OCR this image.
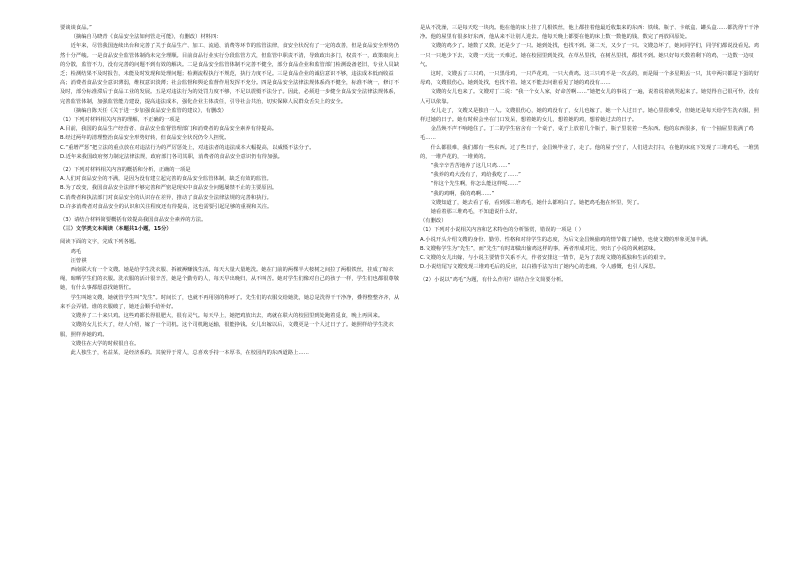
要谈谈食品。”

（摘编自马晓青《食品安全法如何管走可能》，有删改）材料四：

近年来，尽管我国连续出台和完善了关于食品生产、加工、流通、消费等环节的监管法律，食安全状况有了一定的改善，但是食品安全形势仍然十分严峻。一是食品安全监管体制尚未完全理顺。目前食品行业实行分段监管方式，但监管中职责不清，导致政出多门，权责不一，政策取向上的分散，监管不力，没有完善的问题不到有效的解决。二是食品安全监管体制不完善不健全，部分食品企业和监管部门检测设备老旧，专业人员缺乏；检测结果不及时报告，未能及时发现和处理问题；检测流程执行不规范，执行力度不足。三是食品企业的诚信意识不够，违法成本低而收益高；消费者食品安全意识薄弱，维权意识淡薄；社会监督和舆论监督作用发挥不充分。四是食品安全法律法规体系尚不健全，标准不统一，修订不及时，部分标准滞后于食品工业的发展。五是对违法行为的处罚力度不够，不足以震慑不法分子。因此，必须进一步健全食品安全法律法规体系，完善监管体制，加强监管能力建设，提高违法成本，强化企业主体责任，引导社会共治，切实保障人民群众舌尖上的安全。

（摘编自陈天任《关于进一步加强食品安全监管的建议》，有删改）

（1）下列对材料相关内容的理解，不正确的一项是

A.目前，我国的食品生产经营者、食品安全监督管理部门和消费者的食品安全素养有待提高。

B.经过两年的清理整治食品安全形势好转，但食品安全状况仍令人担忧。

C.“重增严惩”把立法的重点放在对违法行为的严厉惩处上，对违法者的违法成本大幅提高，以威慑不法分子。

D.近年来我国政府努力制定法律法规，政府部门各司其职，消费者的食品安全意识仍有待加强。

（2）下列对材料相关内容的概括和分析，正确的一项是

A.人们对食品安全的不满，是因为没有建立起完善的食品安全监管体制，缺乏有效的监管。

B.为了改变，我国食品安全法律不够完善和严密是现实中食品安全问题屡禁不止的主要原因。

C.消费者和执法部门对食品安全的认识存在差异，推动了食品安全法律法规的完善和执行。

D.许多消费者对食品安全的认识和关注程度还有待提高，这也需要引起足够的重视和关注。

（3）请结合材料简要概括有效提高我国食品安全素养的方法。

（三）文学类文本阅读（本题共1小题，15分）

阅读下面的文字，完成下列各题。

鸡毛

汪曾祺

西南联大有一个文嫂。她是给学生洗衣服、拆被褥赚钱生活。每天大量大量地洗。她在门前的两棵半大桉树之间拉了两根铁丝，挂成了晾衣绳，晾晒学生们的衣服。洗衣服的活计很辛苦，她是个勤劳的人，每天早出晚归，从不叫苦。她对学生们像对自己的孩子一样，学生们也都很尊敬她，有什么事都愿意找她帮忙。

学生叫她文嫂，她就管学生叫“先生”。时间长了，也就不再用别的称呼了。先生们的衣服交给她洗，她总是洗得干干净净，叠得整整齐齐，从来不会弄错。谁的衣服破了，她还会顺手给补好。

文嫂养了二十来只鸡。这些鸡都长得很肥大，很有灵气。每天早上，她把鸡放出去，鸡就在联大的校园里到处跑着觅食，晚上再回来。

文嫂的女儿长大了，经人介绍，嫁了一个司机。这个司机跑运输，很能挣钱。女儿出嫁以后，文嫂更是一个人过日子了。她照样给学生洗衣服，照样养她的鸡。

文嫂住在大学的时候很自在。

此人独生子，名益某，是经济系的。其貌异于常人，总喜欢手持一本厚书，在校园内的东西道路上……

是从不洗澡，三是每天吃一块肉。他在他的床上挂了几根铁丝，他上都挂着他最近收集来的东西：铁线、瓶子、卡纸盒、罐头盒……都洗得干干净净。他的屋里有很多好东西，他从来不让别人进去。他每天晚上都要在他的床上数一数他的钱，数完了再放回原处。

文嫂的鸡少了。她数了又数，还是少了一只。她到处找，也找不到。第二天，又少了一只。文嫂急坏了，她问同学们，同学们都说没看见。鸡一只一只地少下去，文嫂一天比一天难过。她在校园里到处找，在草丛里找，在树丛里找，都找不到。她只好每天数着剩下的鸡，一边数一边叹气。

这时，文嫂丢了三只鸡，一只黑母鸡，一只芦花鸡，一只大黄鸡。这三只鸡不是一次丢的，而是隔一个多星期丢一只，其中两只都是下蛋的好母鸡，文嫂很伤心。她到处找，也找不着。她又不能去问谁看见了她的鸡没有……

文嫂的女儿也来了。文嫂对丁二说：“我一个女人家，好命苦啊……”她把女儿的事说了一遍，说着说着就哭起来了。她觉得自己很可怜，没有人可以依靠。

女儿走了，文嫂又是独自一人。文嫂很伤心，她的鸡没有了，女儿也嫁了，她一个人过日子。她心里很难受，但她还是每天给学生洗衣服，照样过她的日子。她有时候会坐在门口发呆，想着她的女儿，想着她的鸡，想着她过去的日子。

金昌焕不声不响地住了。丁二的学生宿舍有一个桌子，桌子上放着几个瓶子，瓶子里装着一些东西。他的东西很多，有一个抽屉里装满了鸡毛……

什么都很难，我们都有一些东西。过了些日子，金昌焕毕业了，走了。他的屋子空了，人们进去打扫，在他的床底下发现了三堆鸡毛，一堆黑的，一堆芦花的，一堆黄的。

“我辛辛苦苦地养了这几只鸡……”

“我养的鸡大没有了，鸡给我吃了……”

“你这个先生啊，你怎么能这样呢……”

“我的鸡啊，我的鸡啊……”

文嫂知道了，她去看了看，看到那三堆鸡毛，她什么都明白了。她把鸡毛抱在怀里，哭了。

她看着那三堆鸡毛，不知道说什么好。

（有删改）

（1）下列对小说相关内容和艺术特色的分析鉴赏，错误的一项是（ ）

A.小说开头介绍文嫂的身份、勤劳、性格和对待学生的态度，为后文金昌焕偷鸡的情节做了铺垫，也使文嫂的形象更加丰满。

B.文嫂称学生为“先生”，而“先生”有时却做出偷鸡这样的事，两者形成对比，突出了小说的讽刺意味。

C.文嫂的女儿出嫁，与小说主要情节关系不大，作者安排这一情节，是为了表现文嫂的孤独和生活的艰辛。

D.小说结尾写文嫂发现三堆鸡毛后的反应，以白描手法写出了她内心的悲痛，令人感慨，也引人深思。

（2）小说以“鸡毛”为题，有什么作用？请结合全文简要分析。
